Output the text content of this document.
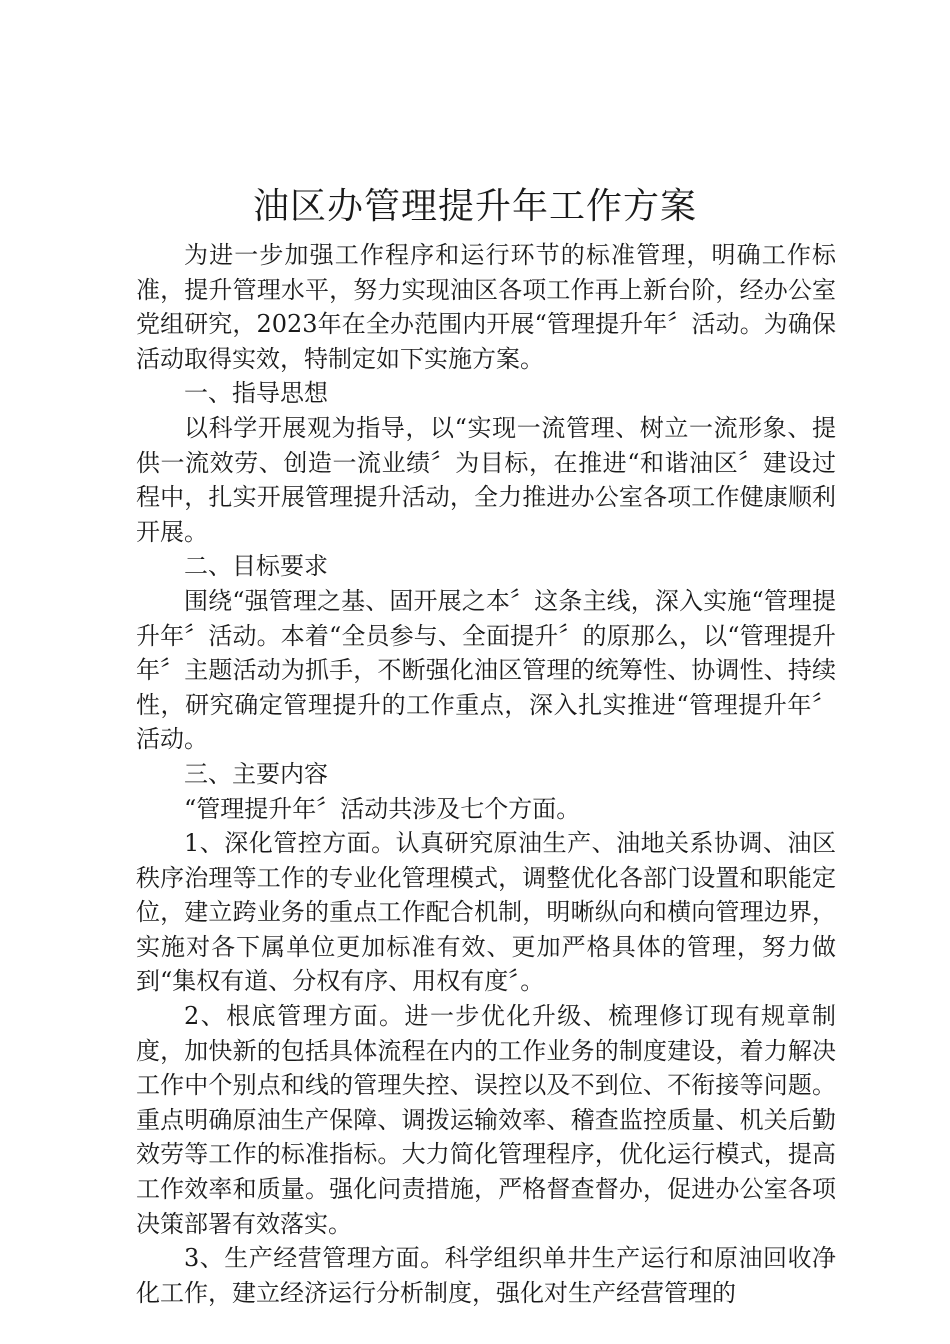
油区办管理提升年工作方案

为进一步加强工作程序和运行环节的标准管理，明确工作标准，提升管理水平，努力实现油区各项工作再上新台阶，经办公室党组研究，2023年在全办范围内开展“管理提升年〞活动。为确保活动取得实效，特制定如下实施方案。

一、指导思想

以科学开展观为指导，以“实现一流管理、树立一流形象、提供一流效劳、创造一流业绩〞为目标，在推进“和谐油区〞建设过程中，扎实开展管理提升活动，全力推进办公室各项工作健康顺利开展。

二、目标要求

围绕“强管理之基、固开展之本〞这条主线，深入实施“管理提升年〞活动。本着“全员参与、全面提升〞的原那么，以“管理提升年〞主题活动为抓手，不断强化油区管理的统筹性、协调性、持续性，研究确定管理提升的工作重点，深入扎实推进“管理提升年〞活动。

三、主要内容

“管理提升年〞活动共涉及七个方面。

1、深化管控方面。认真研究原油生产、油地关系协调、油区秩序治理等工作的专业化管理模式，调整优化各部门设置和职能定位，建立跨业务的重点工作配合机制，明晰纵向和横向管理边界，实施对各下属单位更加标准有效、更加严格具体的管理，努力做到“集权有道、分权有序、用权有度〞。

2、根底管理方面。进一步优化升级、梳理修订现有规章制度，加快新的包括具体流程在内的工作业务的制度建设，着力解决工作中个别点和线的管理失控、误控以及不到位、不衔接等问题。重点明确原油生产保障、调拨运输效率、稽查监控质量、机关后勤效劳等工作的标准指标。大力简化管理程序，优化运行模式，提高工作效率和质量。强化问责措施，严格督查督办，促进办公室各项决策部署有效落实。

3、生产经营管理方面。科学组织单井生产运行和原油回收净化工作，建立经济运行分析制度，强化对生产经营管理的
